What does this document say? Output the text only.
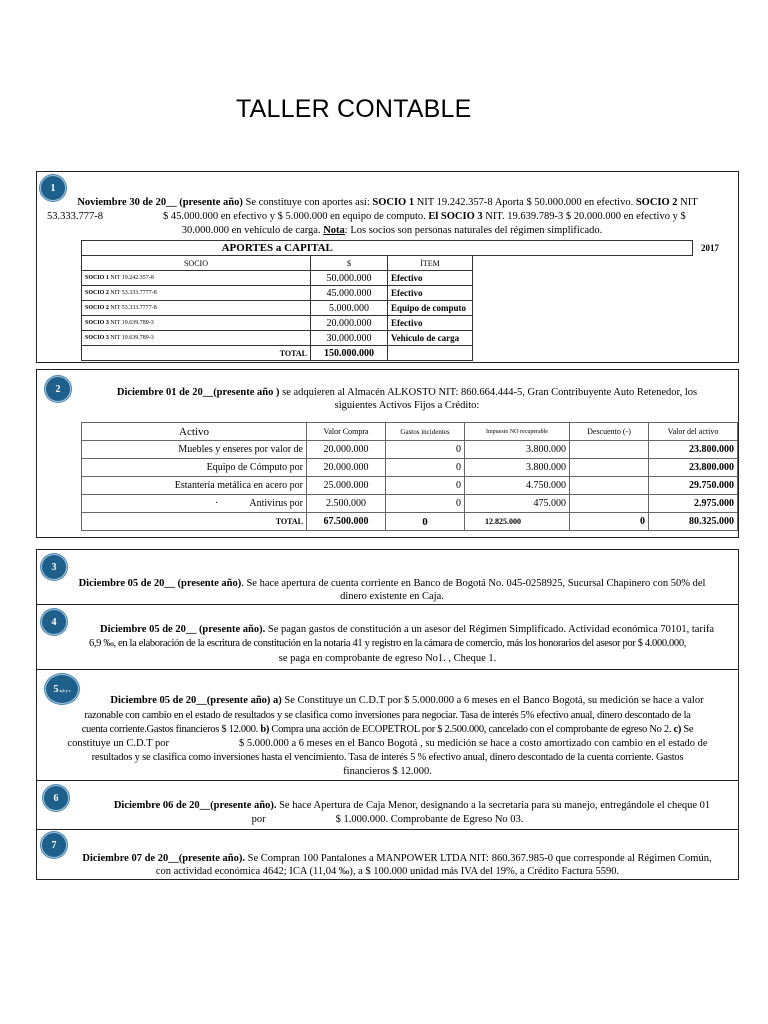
TALLER CONTABLE
1
Noviembre 30 de 20__ (presente año) Se constituye con aportes así: SOCIO 1 NIT 19.242.357-8 Aporta $ 50.000.000 en efectivo. SOCIO 2 NIT
53.333.777-8	$ 45.000.000 en efectivo y $ 5.000.000 en equipo de computo. El SOCIO 3 NIT. 19.639.789-3 $ 20.000.000 en efectivo y $
30.000.000 en vehículo de carga. Nota: Los socios son personas naturales del régimen simplificado.
2017
APORTES a CAPITAL			
SOCIO	$	ÍTEM	
SOCIO 1 NIT 19.242.357-8	50.000.000	Efectivo	
SOCIO 2 NIT 53.333.7777-8	45.000.000	Efectivo	
SOCIO 2 NIT 53.333.7777-8	5.000.000	Equipo de computo	
SOCIO 3 NIT 19.639.789-3	20.000.000	Efectivo	
SOCIO 3 NIT 19.639.789-3	30.000.000	Vehículo de carga	
TOTAL	150.000.000		
2	Diciembre 01 de 20__(presente año ) se adquieren al Almacén ALKOSTO NIT: 860.664.444-5, Gran Contribuyente Auto Retenedor, los
siguientes Activos Fijos a Crédito:
Activo	Valor Compra	Gastos incidentes	Impuesto NO recuperable	Descuento (-)	Valor del activo
Muebles y enseres por valor de	20.000.000	0	3.800.000		23.800.000
Equipo de Cómputo por	20.000.000	0	3.800.000		23.800.000
Estantería metálica en acero por	25.000.000	0	4.750.000		29.750.000

· Antivirus por	2.500.000	0	475.000		2.975.000
TOTAL	67.500.000	0	12.825.000	0	80.325.000
3
Diciembre 05 de 20__ (presente año). Se hace apertura de cuenta corriente en Banco de Bogotá No. 045-0258925, Sucursal Chapinero con 50% del
dinero existente en Caja.
4
Diciembre 05 de 20__ (presente año). Se pagan gastos de constitución a un asesor del Régimen Simplificado. Actividad económica 70101, tarifa
6,9 ‰, en la elaboración de la escritura de constitución en la notaria 41 y registro en la cámara de comercio, más los honorarios del asesor por $ 4.000.000,
se paga en comprobante de egreso No1. , Cheque 1.
5 a,b y c
Diciembre 05 de 20__(presente año) a) Se Constituye un C.D.T por $ 5.000.000 a 6 meses en el Banco Bogotá, su medición se hace a valor
razonable con cambio en el estado de resultados y se clasifica como inversiones para negociar. Tasa de interés 5% efectivo anual, dinero descontado de la
cuenta corriente.Gastos financieros $ 12.000. b) Compra una acción de ECOPETROL por $ 2.500.000, cancelado con el comprobante de egreso No 2. c) Se
constituye un C.D.T por	$ 5.000.000 a 6 meses en el Banco Bogotá , su medición se hace a costo amortizado con cambio en el estado de
resultados y se clasifica como inversiones hasta el vencimiento. Tasa de interés 5 % efectivo anual, dinero descontado de la cuenta corriente. Gastos
financieros $ 12.000.
6
Diciembre 06 de 20__(presente año). Se hace Apertura de Caja Menor, designando a la secretaria para su manejo, entregándole el cheque 01
por	$ 1.000.000. Comprobante de Egreso No 03.
7
Diciembre 07 de 20__(presente año). Se Compran 100 Pantalones a MANPOWER LTDA NIT: 860.367.985-0 que corresponde al Régimen Común,
con actividad económica 4642; ICA (11,04 ‰), a $ 100.000 unidad más IVA del 19%, a Crédito Factura 5590.
